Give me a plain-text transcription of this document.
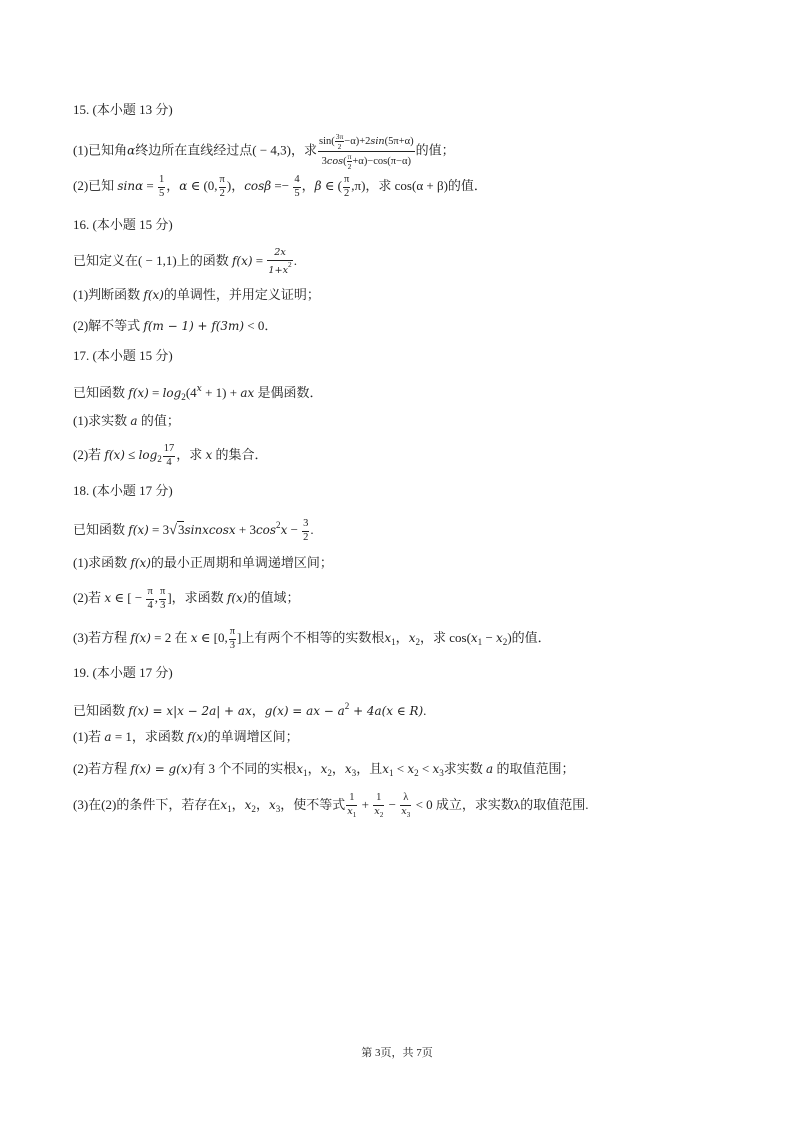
15. (本小题 13 分)
(1)已知角α终边所在直线经过点( − 4,3)，求 $\frac{\sin( \frac{3\pi}{2} -\alpha)+2\sin(5\pi+\alpha)}{3\cos( \frac{\pi}{2} +\alpha)-\cos(\pi-\alpha)}$ 的值；
(2)已知 $\sin\alpha = \frac{1}{5}$ ，α ∈ (0, $\frac{\pi}{2}$ )，$\cos\beta =- \frac{4}{5}$ ，β ∈ ( $\frac{\pi}{2} ,\pi$)，求 cos(α + β)的值．
16. (本小题 15 分)
已知定义在( − 1,1)上的函数 $f(x) = \frac{2x}{1+x^2}$ .
(1)判断函数 f(x)的单调性，并用定义证明；
(2)解不等式 f(m − 1) + f(3m) < 0．
17. (本小题 15 分)
已知函数 $f(x) = \log_2(4^x + 1)$ + ax 是偶函数．
(1)求实数 a 的值；
(2)若 $f(x) \le \log_2 \frac{17}{4}$ ，求 x 的集合．
18. (本小题 17 分)
已知函数 f(x) = 3√3sinxcosx + $3\cos^2x - \frac{3}{2}$ .
(1)求函数 f(x)的最小正周期和单调递增区间；
(2)若 x ∈ [ − $\frac{\pi}{4}$ , $\frac{\pi}{3}$ ]，求函数 f(x)的值域；
(3)若方程 f(x) = 2 在 x ∈ [0, $\frac{\pi}{3}$ ]上有两个不相等的实数根$x_1$，$x_2$，求 $\cos(x_1 - x_2)$的值．
19. (本小题 17 分)
已知函数 f(x) = x|x − 2a| + ax，g(x) = ax − $a^2 + 4a(x$ ∈ R).
(1)若 a = 1，求函数 f(x)的单调增区间；
(2)若方程 f(x) = g(x)有 3 个不同的实根$x_1$，$x_2$，$x_3$，且$x_1 < x_2 < x_3$求实数 a 的取值范围；
(3)在(2)的条件下，若存在$x_1$，$x_2$，$x_3$，使不等式 $\frac{1}{x_1} + \frac{1}{x_2} - \frac{\lambda}{x_3} < 0$ 成立，求实数λ的取值范围.
第 3页，共 7页
